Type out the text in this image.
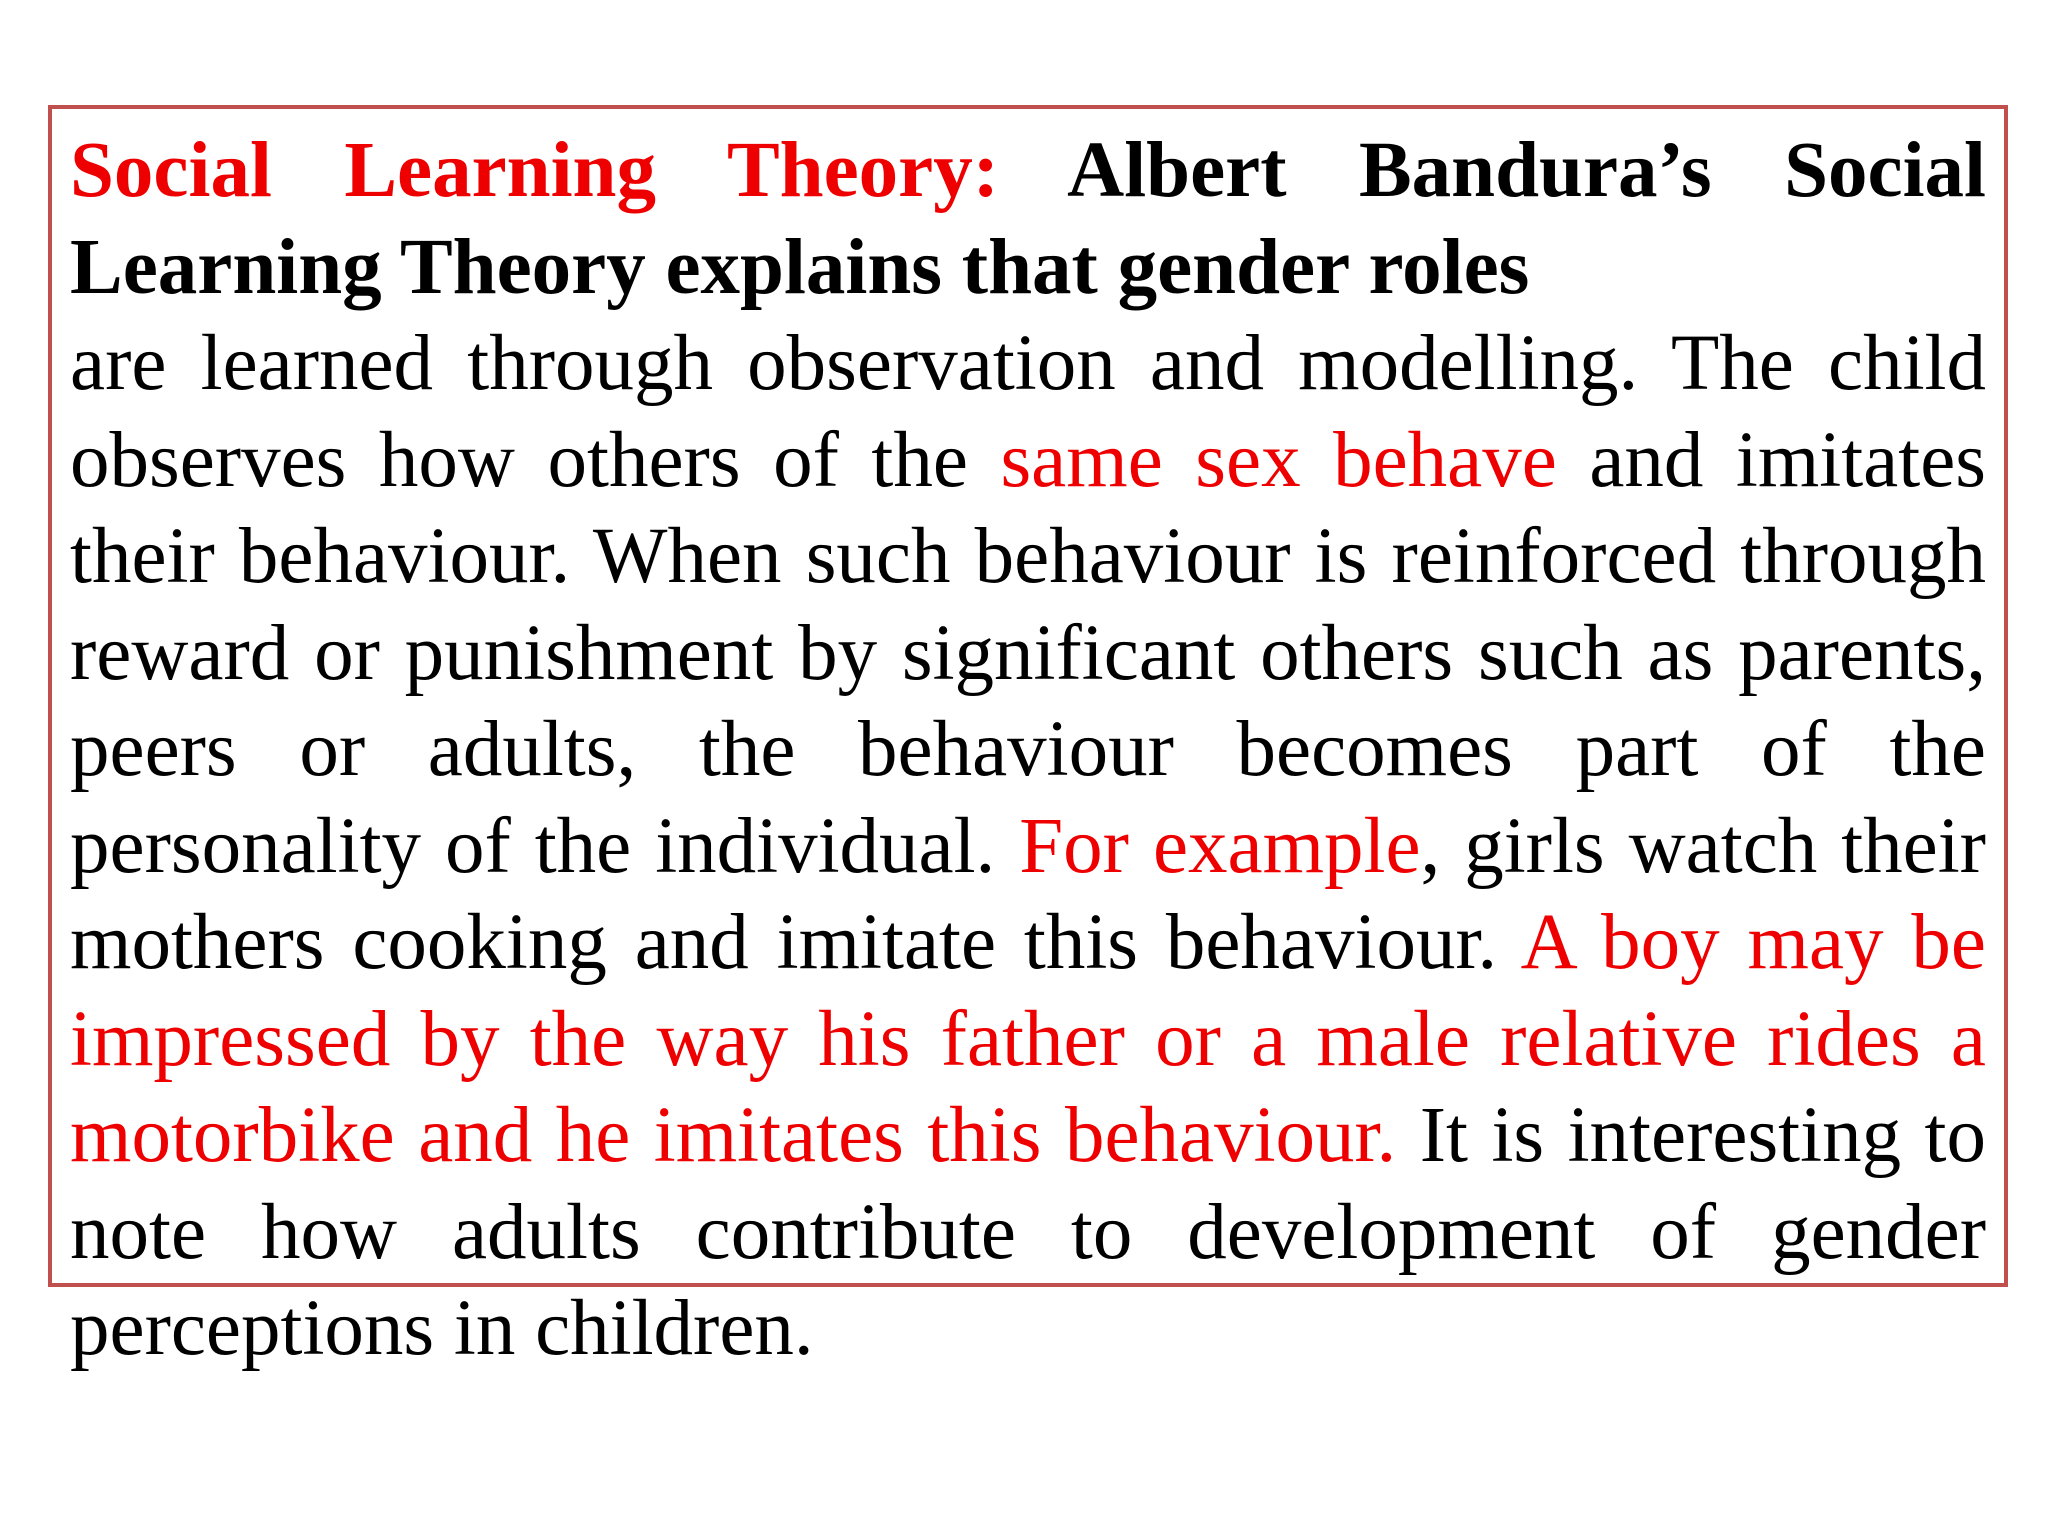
Social Learning Theory: Albert Bandura’s Social Learning Theory explains that gender roles
are learned through observation and modelling. The child observes how others of the same sex behave and imitates their behaviour. When such behaviour is reinforced through reward or punishment by significant others such as parents, peers or adults, the behaviour becomes part of the personality of the individual. For example, girls watch their mothers cooking and imitate this behaviour. A boy may be impressed by the way his father or a male relative rides a motorbike and he imitates this behaviour. It is interesting to note how adults contribute to development of gender perceptions in children.
